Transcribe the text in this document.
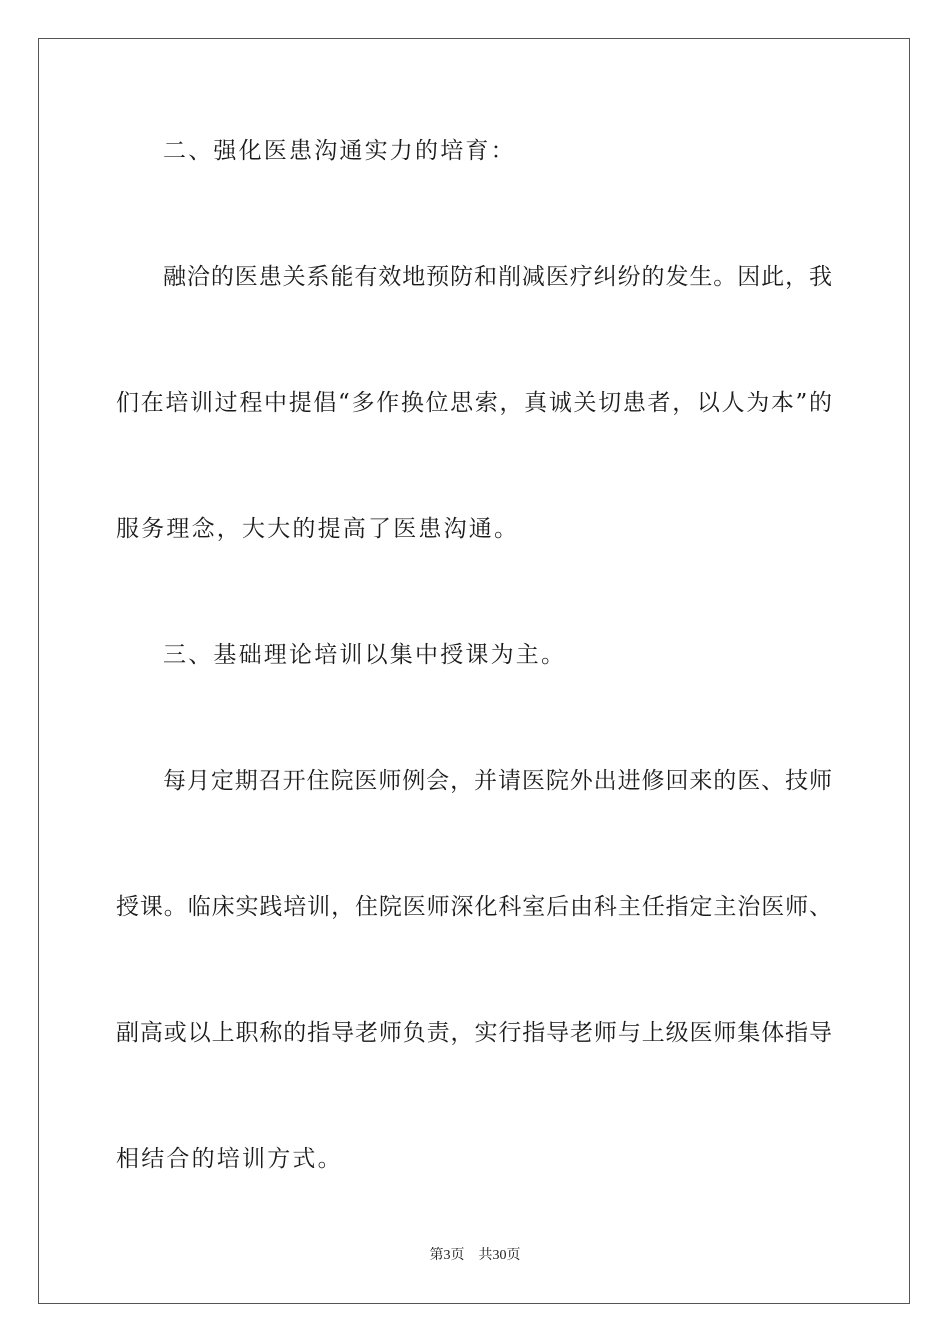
二、强化医患沟通实力的培育：
融洽的医患关系能有效地预防和削减医疗纠纷的发生。因此，我
们在培训过程中提倡“多作换位思索，真诚关切患者，以人为本”的
服务理念，大大的提高了医患沟通。
三、基础理论培训以集中授课为主。
每月定期召开住院医师例会，并请医院外出进修回来的医、技师
授课。临床实践培训，住院医师深化科室后由科主任指定主治医师、
副高或以上职称的指导老师负责，实行指导老师与上级医师集体指导
相结合的培训方式。
第3页 共30页
